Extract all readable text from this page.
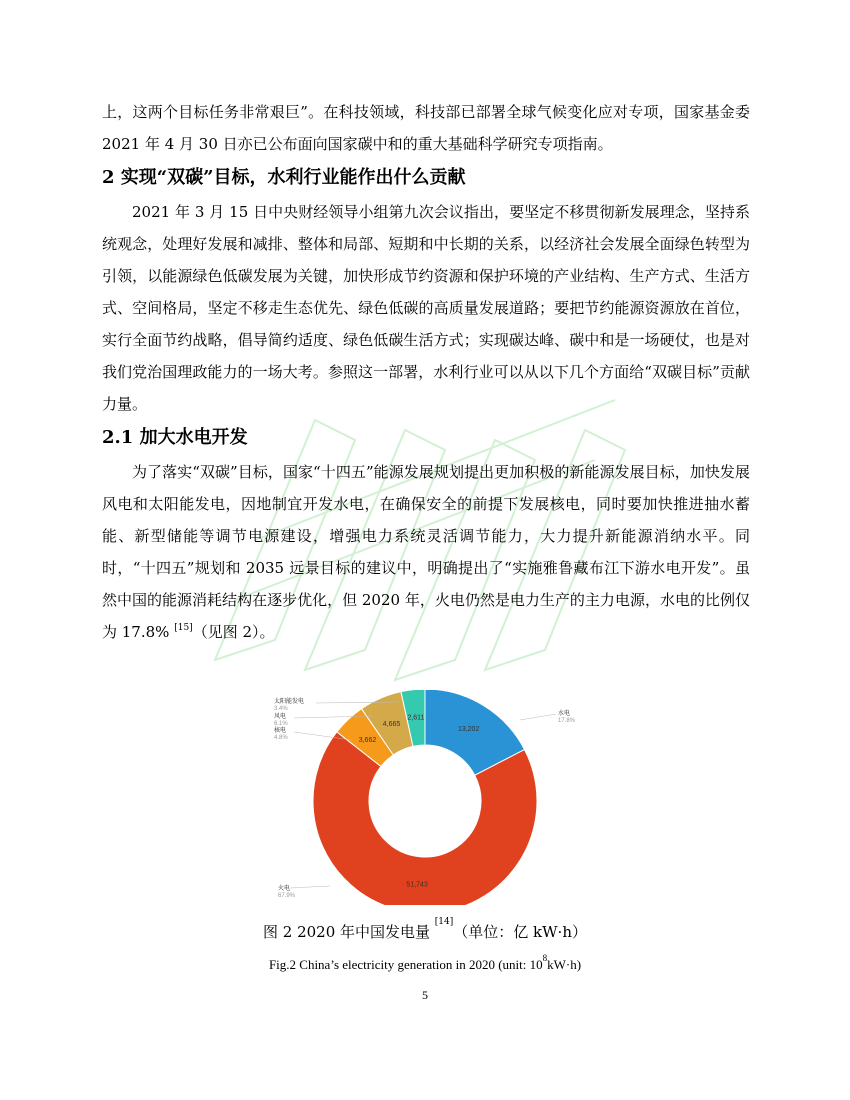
上，这两个目标任务非常艰巨”。在科技领域，科技部已部署全球气候变化应对专项，国家基金委 2021 年 4 月 30 日亦已公布面向国家碳中和的重大基础科学研究专项指南。

2 实现“双碳”目标，水利行业能作出什么贡献

2021 年 3 月 15 日中央财经领导小组第九次会议指出，要坚定不移贯彻新发展理念，坚持系统观念，处理好发展和减排、整体和局部、短期和中长期的关系，以经济社会发展全面绿色转型为引领，以能源绿色低碳发展为关键，加快形成节约资源和保护环境的产业结构、生产方式、生活方式、空间格局，坚定不移走生态优先、绿色低碳的高质量发展道路；要把节约能源资源放在首位，实行全面节约战略，倡导简约适度、绿色低碳生活方式；实现碳达峰、碳中和是一场硬仗，也是对我们党治国理政能力的一场大考。参照这一部署，水利行业可以从以下几个方面给“双碳目标”贡献力量。

2.1 加大水电开发

为了落实“双碳”目标，国家“十四五”能源发展规划提出更加积极的新能源发展目标，加快发展风电和太阳能发电，因地制宜开发水电，在确保安全的前提下发展核电，同时要加快推进抽水蓄能、新型储能等调节电源建设，增强电力系统灵活调节能力，大力提升新能源消纳水平。同时，“十四五”规划和 2035 远景目标的建议中，明确提出了“实施雅鲁藏布江下游水电开发”。虽然中国的能源消耗结构在逐步优化，但 2020 年，火电仍然是电力生产的主力电源，水电的比例仅为 17.8% [15]（见图 2）。

13,202
水电
17.8%
51,743
火电
67.9%
3,662
核电
4.8%
4,665
风电
6.1%
2,611
太阳能发电
3.4%
图 2 2020 年中国发电量 [14]（单位：亿 kW·h）
Fig.2 China’s electricity generation in 2020 (unit: $10^8kW\cdot h$)
5
